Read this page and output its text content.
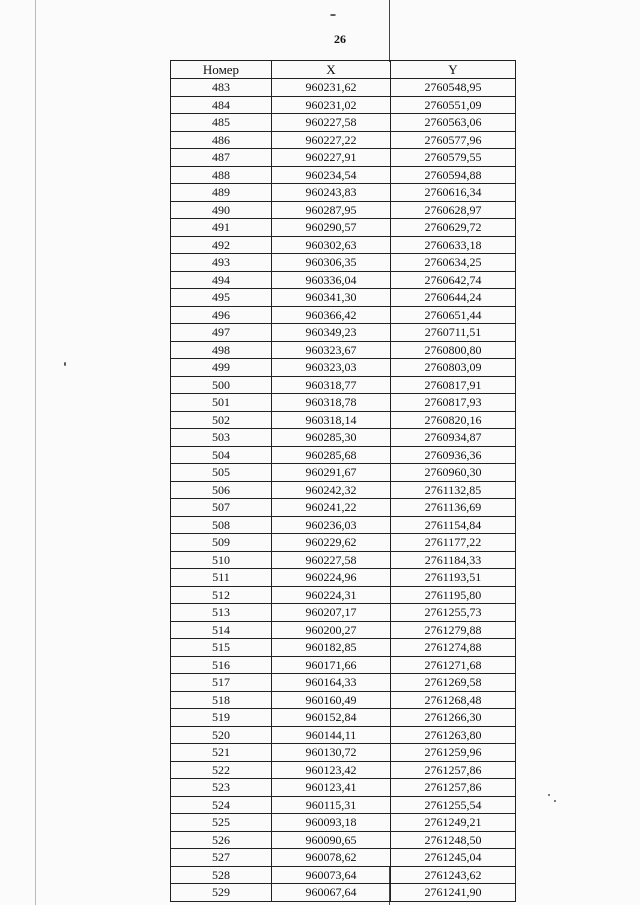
26
Номер	X	Y
483	960231,62	2760548,95
484	960231,02	2760551,09
485	960227,58	2760563,06
486	960227,22	2760577,96
487	960227,91	2760579,55
488	960234,54	2760594,88
489	960243,83	2760616,34
490	960287,95	2760628,97
491	960290,57	2760629,72
492	960302,63	2760633,18
493	960306,35	2760634,25
494	960336,04	2760642,74
495	960341,30	2760644,24
496	960366,42	2760651,44
497	960349,23	2760711,51
498	960323,67	2760800,80
499	960323,03	2760803,09
500	960318,77	2760817,91
501	960318,78	2760817,93
502	960318,14	2760820,16
503	960285,30	2760934,87
504	960285,68	2760936,36
505	960291,67	2760960,30
506	960242,32	2761132,85
507	960241,22	2761136,69
508	960236,03	2761154,84
509	960229,62	2761177,22
510	960227,58	2761184,33
511	960224,96	2761193,51
512	960224,31	2761195,80
513	960207,17	2761255,73
514	960200,27	2761279,88
515	960182,85	2761274,88
516	960171,66	2761271,68
517	960164,33	2761269,58
518	960160,49	2761268,48
519	960152,84	2761266,30
520	960144,11	2761263,80
521	960130,72	2761259,96
522	960123,42	2761257,86
523	960123,41	2761257,86
524	960115,31	2761255,54
525	960093,18	2761249,21
526	960090,65	2761248,50
527	960078,62	2761245,04
528	960073,64	2761243,62
529	960067,64	2761241,90
